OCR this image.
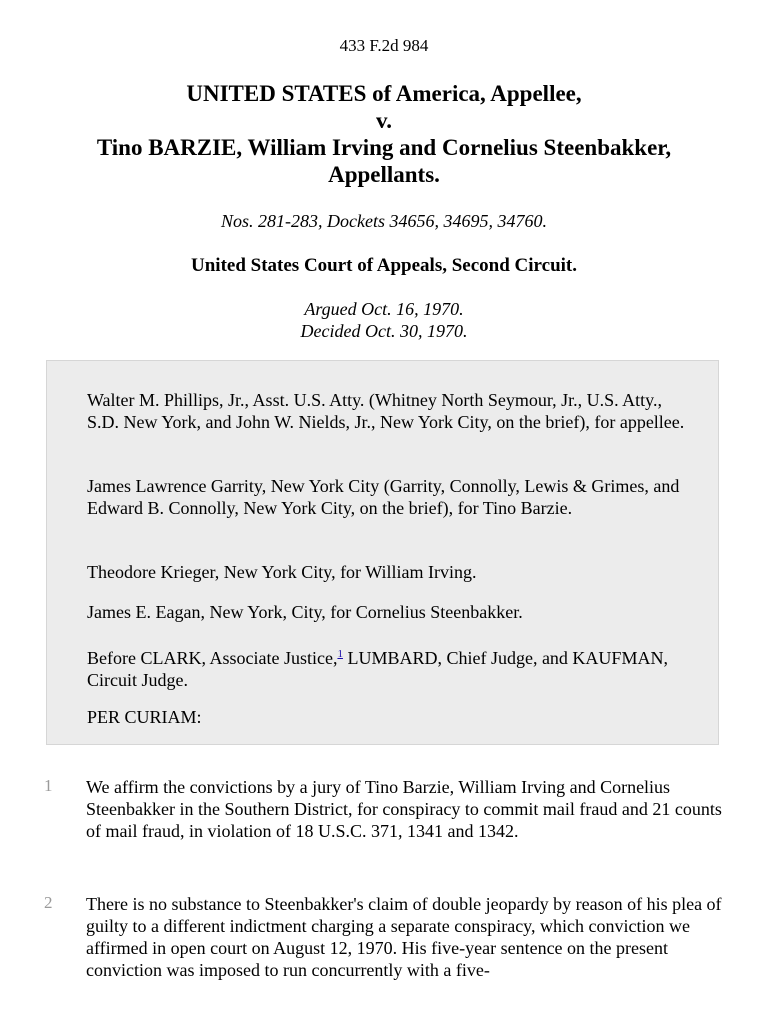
433 F.2d 984
UNITED STATES of America, Appellee,
v.
Tino BARZIE, William Irving and Cornelius Steenbakker,
Appellants.
Nos. 281-283, Dockets 34656, 34695, 34760.
United States Court of Appeals, Second Circuit.
Argued Oct. 16, 1970.
Decided Oct. 30, 1970.

Walter M. Phillips, Jr., Asst. U.S. Atty. (Whitney North Seymour, Jr., U.S. Atty., S.D. New York, and John W. Nields, Jr., New York City, on the brief), for appellee.

James Lawrence Garrity, New York City (Garrity, Connolly, Lewis & Grimes, and Edward B. Connolly, New York City, on the brief), for Tino Barzie.

Theodore Krieger, New York City, for William Irving.

James E. Eagan, New York, City, for Cornelius Steenbakker.

Before CLARK, Associate Justice,$^1$ LUMBARD, Chief Judge, and KAUFMAN, Circuit Judge.

PER CURIAM:

1 We affirm the convictions by a jury of Tino Barzie, William Irving and Cornelius Steenbakker in the Southern District, for conspiracy to commit mail fraud and 21 counts of mail fraud, in violation of 18 U.S.C. 371, 1341 and 1342.

2 There is no substance to Steenbakker's claim of double jeopardy by reason of his plea of guilty to a different indictment charging a separate conspiracy, which conviction we affirmed in open court on August 12, 1970. His five-year sentence on the present conviction was imposed to run concurrently with a five-
